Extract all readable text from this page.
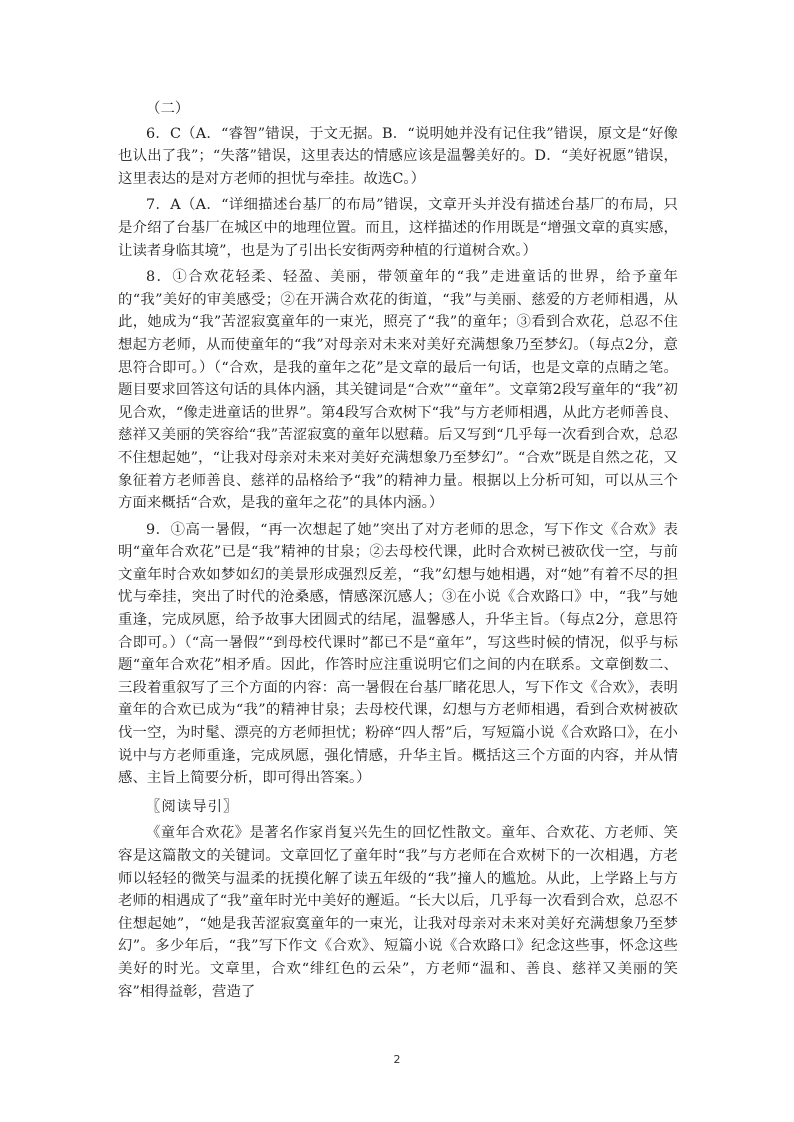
（二）

6．C（A．“睿智”错误，于文无据。B．“说明她并没有记住我”错误，原文是“好像也认出了我”；“失落”错误，这里表达的情感应该是温馨美好的。D．“美好祝愿”错误，这里表达的是对方老师的担忧与牵挂。故选C。）

7．A（A．“详细描述台基厂的布局”错误，文章开头并没有描述台基厂的布局，只是介绍了台基厂在城区中的地理位置。而且，这样描述的作用既是“增强文章的真实感，让读者身临其境”，也是为了引出长安街两旁种植的行道树合欢。）

8．①合欢花轻柔、轻盈、美丽，带领童年的“我”走进童话的世界，给予童年的“我”美好的审美感受；②在开满合欢花的街道，“我”与美丽、慈爱的方老师相遇，从此，她成为“我”苦涩寂寞童年的一束光，照亮了“我”的童年；③看到合欢花，总忍不住想起方老师，从而使童年的“我”对母亲对未来对美好充满想象乃至梦幻。（每点2分，意思符合即可。）（“合欢，是我的童年之花”是文章的最后一句话，也是文章的点睛之笔。题目要求回答这句话的具体内涵，其关键词是“合欢”“童年”。文章第2段写童年的“我”初见合欢，“像走进童话的世界”。第4段写合欢树下“我”与方老师相遇，从此方老师善良、慈祥又美丽的笑容给“我”苦涩寂寞的童年以慰藉。后又写到“几乎每一次看到合欢，总忍不住想起她”，“让我对母亲对未来对美好充满想象乃至梦幻”。“合欢”既是自然之花，又象征着方老师善良、慈祥的品格给予“我”的精神力量。根据以上分析可知，可以从三个方面来概括“合欢，是我的童年之花”的具体内涵。）

9．①高一暑假，“再一次想起了她”突出了对方老师的思念，写下作文《合欢》表明“童年合欢花”已是“我”精神的甘泉；②去母校代课，此时合欢树已被砍伐一空，与前文童年时合欢如梦如幻的美景形成强烈反差，“我”幻想与她相遇，对“她”有着不尽的担忧与牵挂，突出了时代的沧桑感，情感深沉感人；③在小说《合欢路口》中，“我”与她重逢，完成夙愿，给予故事大团圆式的结尾，温馨感人，升华主旨。（每点2分，意思符合即可。）（“高一暑假”“到母校代课时”都已不是“童年”，写这些时候的情况，似乎与标题“童年合欢花”相矛盾。因此，作答时应注重说明它们之间的内在联系。文章倒数二、三段着重叙写了三个方面的内容：高一暑假在台基厂睹花思人，写下作文《合欢》，表明童年的合欢已成为“我”的精神甘泉；去母校代课，幻想与方老师相遇，看到合欢树被砍伐一空，为时髦、漂亮的方老师担忧；粉碎“四人帮”后，写短篇小说《合欢路口》，在小说中与方老师重逢，完成夙愿，强化情感，升华主旨。概括这三个方面的内容，并从情感、主旨上简要分析，即可得出答案。）

〖阅读导引〗

《童年合欢花》是著名作家肖复兴先生的回忆性散文。童年、合欢花、方老师、笑容是这篇散文的关键词。文章回忆了童年时“我”与方老师在合欢树下的一次相遇，方老师以轻轻的微笑与温柔的抚摸化解了读五年级的“我”撞人的尴尬。从此，上学路上与方老师的相遇成了“我”童年时光中美好的邂逅。“长大以后，几乎每一次看到合欢，总忍不住想起她”，“她是我苦涩寂寞童年的一束光，让我对母亲对未来对美好充满想象乃至梦幻”。多少年后，“我”写下作文《合欢》、短篇小说《合欢路口》纪念这些事，怀念这些美好的时光。文章里，合欢“绯红色的云朵”，方老师“温和、善良、慈祥又美丽的笑容”相得益彰，营造了

2
